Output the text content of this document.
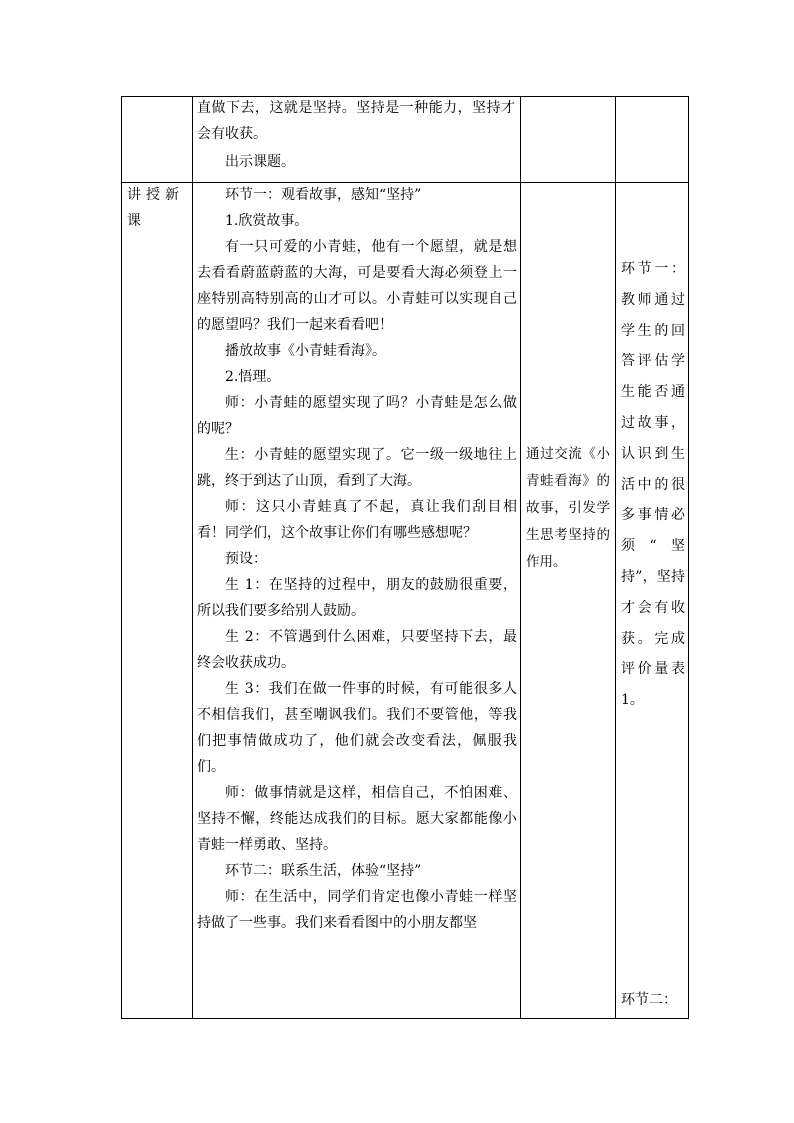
直做下去，这就是坚持。坚持是一种能力，坚持才会有收获。

出示课题。

讲授新课

环节一：观看故事，感知“坚持”

1.欣赏故事。

有一只可爱的小青蛙，他有一个愿望，就是想去看看蔚蓝蔚蓝的大海，可是要看大海必须登上一座特别高特别高的山才可以。小青蛙可以实现自己的愿望吗？我们一起来看看吧！

播放故事《小青蛙看海》。

2.悟理。

师：小青蛙的愿望实现了吗？小青蛙是怎么做的呢？

生：小青蛙的愿望实现了。它一级一级地往上跳，终于到达了山顶，看到了大海。

师：这只小青蛙真了不起，真让我们刮目相看！同学们，这个故事让你们有哪些感想呢？

预设：

生 1：在坚持的过程中，朋友的鼓励很重要，所以我们要多给别人鼓励。

生 2：不管遇到什么困难，只要坚持下去，最终会收获成功。

生 3：我们在做一件事的时候，有可能很多人不相信我们，甚至嘲讽我们。我们不要管他，等我们把事情做成功了，他们就会改变看法，佩服我们。

师：做事情就是这样，相信自己，不怕困难、坚持不懈，终能达成我们的目标。愿大家都能像小青蛙一样勇敢、坚持。

环节二：联系生活，体验“坚持”

师：在生活中，同学们肯定也像小青蛙一样坚持做了一些事。我们来看看图中的小朋友都坚

通过交流《小青蛙看海》的故事，引发学生思考坚持的作用。
环节一：教师通过学生的回答评估学生能否通过故事，认识到生活中的很多事情必须“坚持”，坚持才会有收获。完成评价量表 1。
环节二：
